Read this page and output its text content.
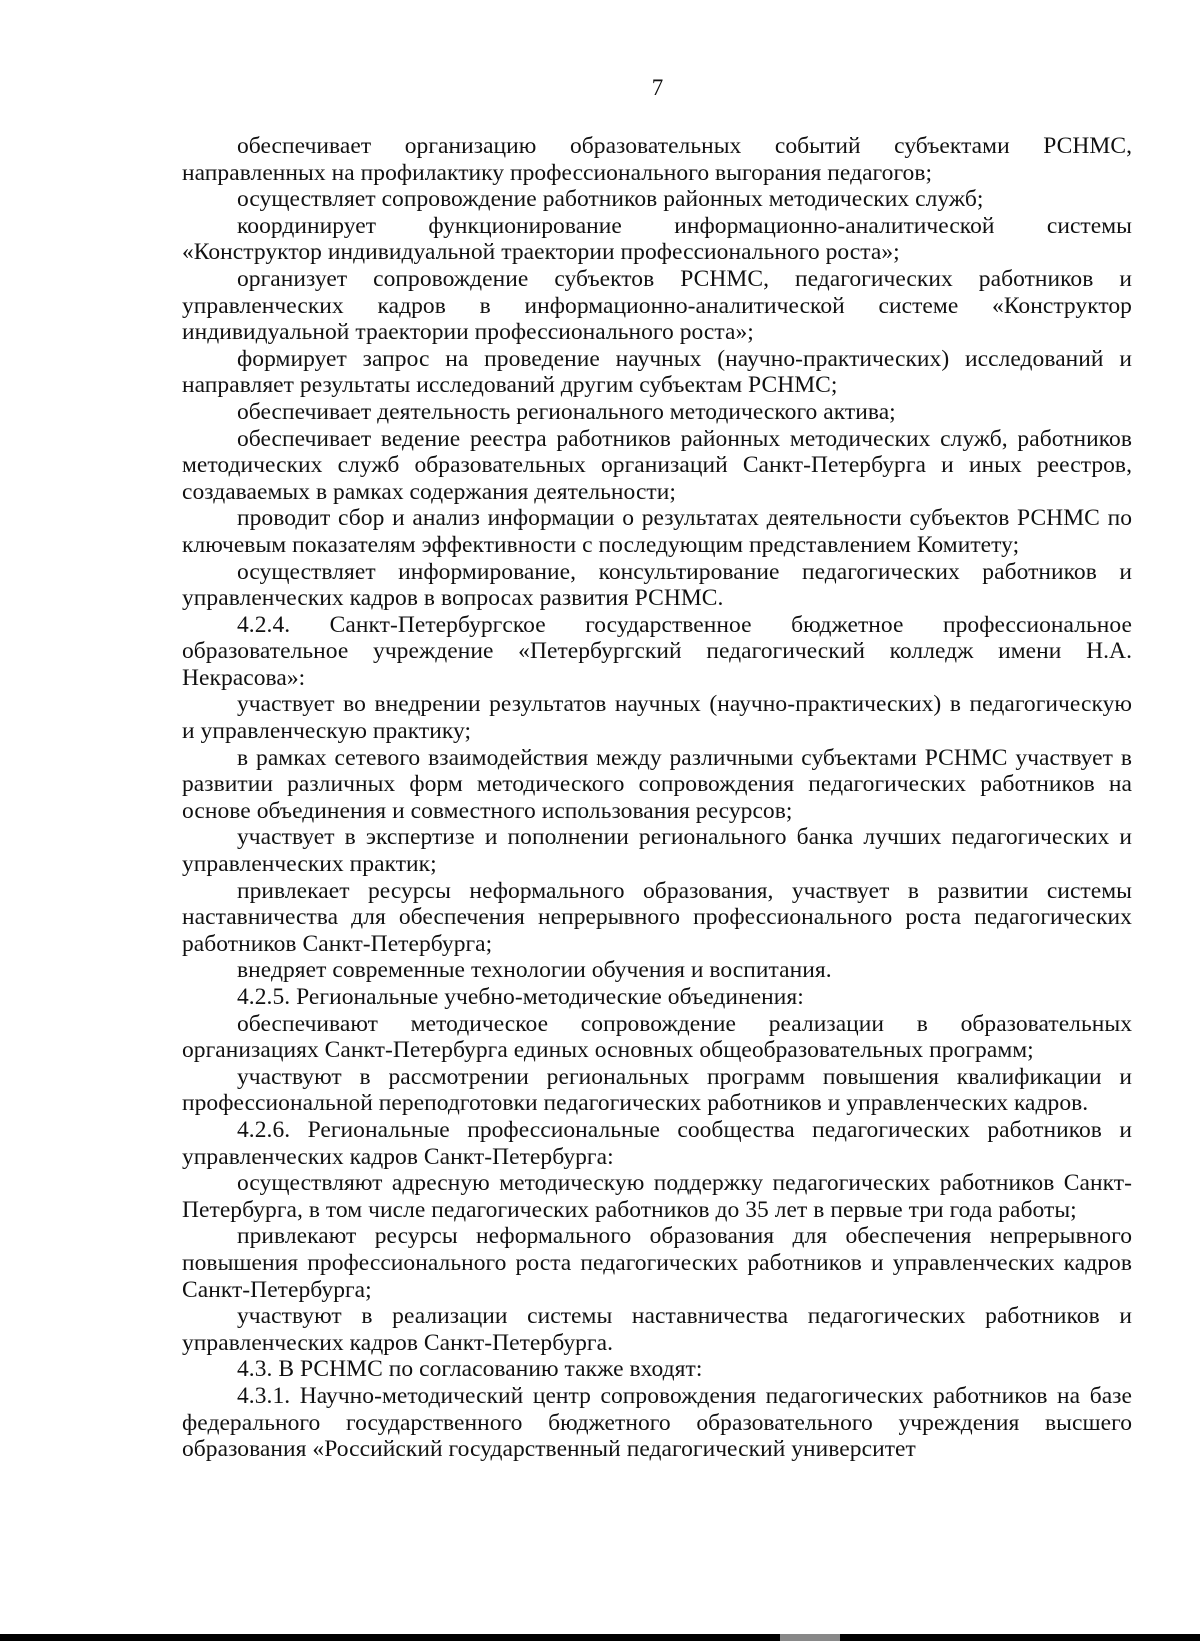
7

обеспечивает организацию образовательных событий субъектами РСНМС, направленных на профилактику профессионального выгорания педагогов;

осуществляет сопровождение работников районных методических служб;

координирует функционирование информационно-аналитической системы «Конструктор индивидуальной траектории профессионального роста»;

организует сопровождение субъектов РСНМС, педагогических работников и управленческих кадров в информационно-аналитической системе «Конструктор индивидуальной траектории профессионального роста»;

формирует запрос на проведение научных (научно-практических) исследований и направляет результаты исследований другим субъектам РСНМС;

обеспечивает деятельность регионального методического актива;

обеспечивает ведение реестра работников районных методических служб, работников методических служб образовательных организаций Санкт-Петербурга и иных реестров, создаваемых в рамках содержания деятельности;

проводит сбор и анализ информации о результатах деятельности субъектов РСНМС по ключевым показателям эффективности с последующим представлением Комитету;

осуществляет информирование, консультирование педагогических работников и управленческих кадров в вопросах развития РСНМС.

4.2.4. Санкт-Петербургское государственное бюджетное профессиональное образовательное учреждение «Петербургский педагогический колледж имени Н.А. Некрасова»:

участвует во внедрении результатов научных (научно-практических) в педагогическую и управленческую практику;

в рамках сетевого взаимодействия между различными субъектами РСНМС участвует в развитии различных форм методического сопровождения педагогических работников на основе объединения и совместного использования ресурсов;

участвует в экспертизе и пополнении регионального банка лучших педагогических и управленческих практик;

привлекает ресурсы неформального образования, участвует в развитии системы наставничества для обеспечения непрерывного профессионального роста педагогических работников Санкт-Петербурга;

внедряет современные технологии обучения и воспитания.

4.2.5. Региональные учебно-методические объединения:

обеспечивают методическое сопровождение реализации в образовательных организациях Санкт-Петербурга единых основных общеобразовательных программ;

участвуют в рассмотрении региональных программ повышения квалификации и профессиональной переподготовки педагогических работников и управленческих кадров.

4.2.6. Региональные профессиональные сообщества педагогических работников и управленческих кадров Санкт-Петербурга:

осуществляют адресную методическую поддержку педагогических работников Санкт-Петербурга, в том числе педагогических работников до 35 лет в первые три года работы;

привлекают ресурсы неформального образования для обеспечения непрерывного повышения профессионального роста педагогических работников и управленческих кадров Санкт-Петербурга;

участвуют в реализации системы наставничества педагогических работников и управленческих кадров Санкт-Петербурга.

4.3. В РСНМС по согласованию также входят:

4.3.1. Научно-методический центр сопровождения педагогических работников на базе федерального государственного бюджетного образовательного учреждения высшего образования «Российский государственный педагогический университет
